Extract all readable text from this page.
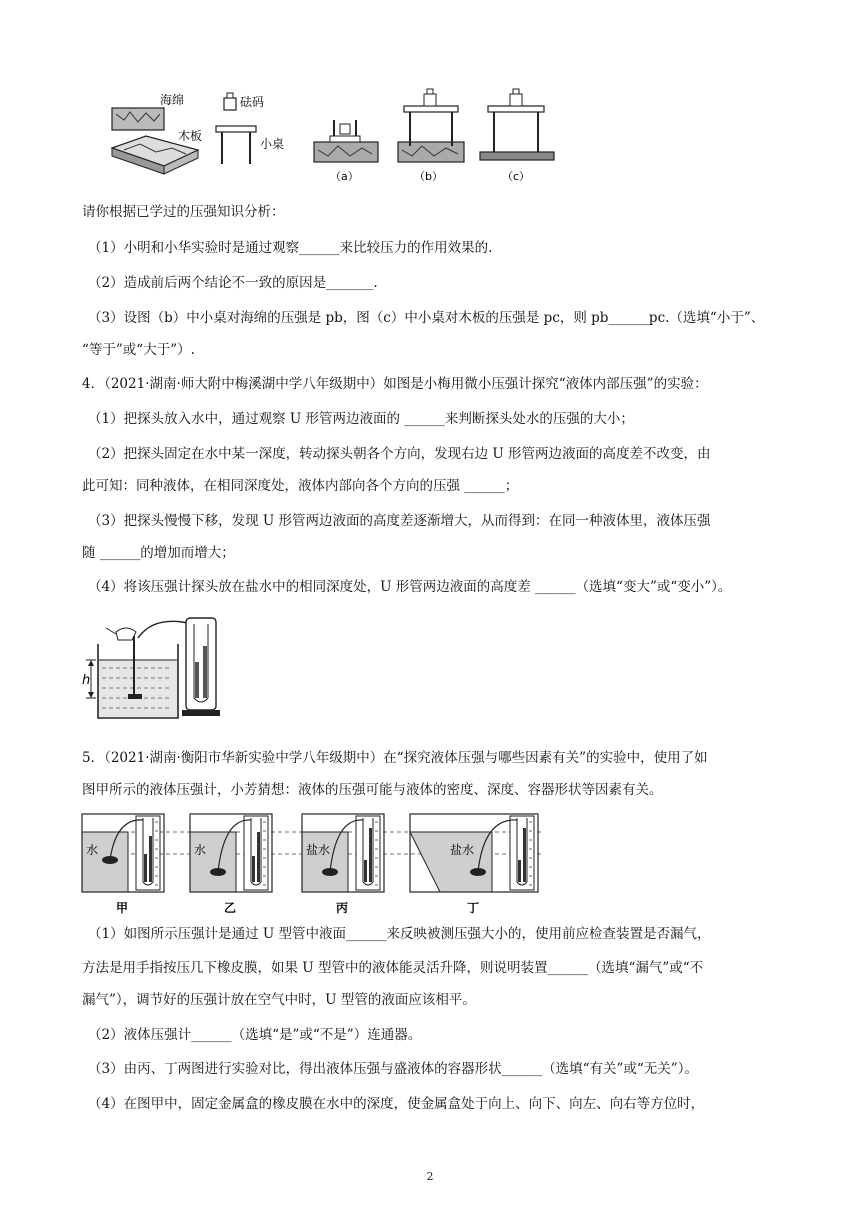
海绵
木板
砝码
小桌
（a）	（b）	（c）
请你根据已学过的压强知识分析：
（1）小明和小华实验时是通过观察______来比较压力的作用效果的.
（2）造成前后两个结论不一致的原因是_______.
（3）设图（b）中小桌对海绵的压强是 pb，图（c）中小桌对木板的压强是 pc，则 pb______pc.（选填“小于”、
“等于”或“大于”）.
4．（2021·湖南·师大附中梅溪湖中学八年级期中）如图是小梅用微小压强计探究“液体内部压强”的实验：
（1）把探头放入水中，通过观察 U 形管两边液面的 ______来判断探头处水的压强的大小；
（2）把探头固定在水中某一深度，转动探头朝各个方向，发现右边 U 形管两边液面的高度差不改变，由
此可知：同种液体，在相同深度处，液体内部向各个方向的压强 ______；
（3）把探头慢慢下移，发现 U 形管两边液面的高度差逐渐增大，从而得到：在同一种液体里，液体压强
随 ______的增加而增大；
（4）将该压强计探头放在盐水中的相同深度处，U 形管两边液面的高度差 ______（选填“变大”或“变小”）。
h
5．（2021·湖南·衡阳市华新实验中学八年级期中）在“探究液体压强与哪些因素有关”的实验中，使用了如
图甲所示的液体压强计，小芳猜想：液体的压强可能与液体的密度、深度、容器形状等因素有关。
水
甲
水
乙
盐水
丙
盐水
丁
（1）如图所示压强计是通过 U 型管中液面______来反映被测压强大小的，使用前应检查装置是否漏气，
方法是用手指按压几下橡皮膜，如果 U 型管中的液体能灵活升降，则说明装置______（选填“漏气”或“不
漏气”），调节好的压强计放在空气中时，U 型管的液面应该相平。
（2）液体压强计______（选填“是”或“不是”）连通器。
（3）由丙、丁两图进行实验对比，得出液体压强与盛液体的容器形状______（选填“有关”或“无关”）。
（4）在图甲中，固定金属盒的橡皮膜在水中的深度，使金属盒处于向上、向下、向左、向右等方位时，
2
